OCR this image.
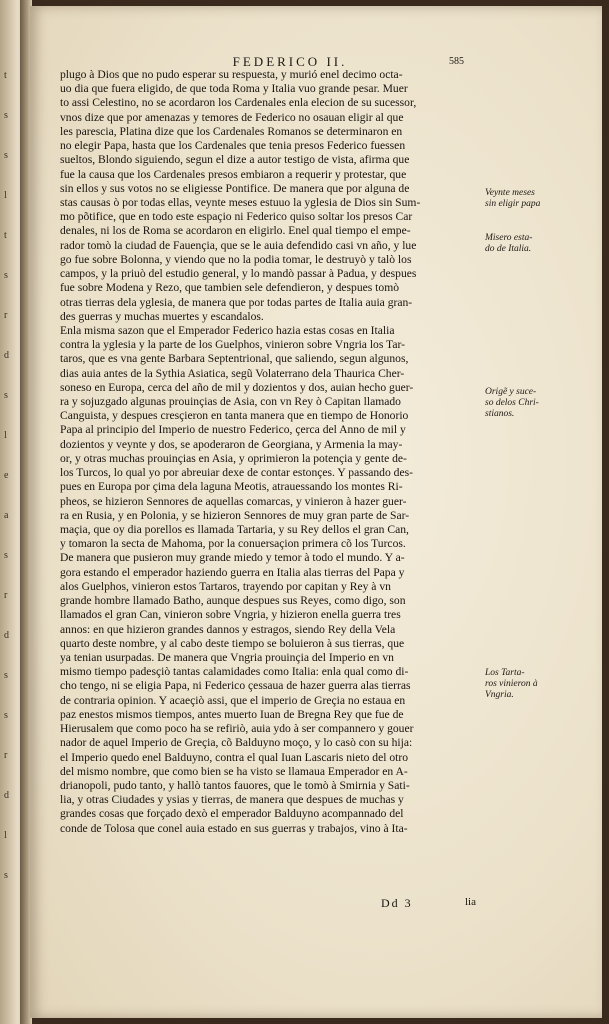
t
s
s
l
t
s
r
d
s
l
e
a
s
r
d
s
s
r
d
l
s
FEDERICO II.	585
plugo à Dios que no pudo esperar su respuesta, y murió enel decimo octa-
uo dia que fuera eligido, de que toda Roma y Italia vuo grande pesar. Muer
to assi Celestino, no se acordaron los Cardenales enla elecion de su sucessor,
vnos dize que por amenazas y temores de Federico no osauan eligir al que
les parescia, Platina dize que los Cardenales Romanos se determinaron en
no elegir Papa, hasta que los Cardenales que tenia presos Federico fuessen
sueltos, Blondo siguiendo, segun el dize a autor testigo de vista, afirma que
fue la causa que los Cardenales presos embiaron a requerir y protestar, que
sin ellos y sus votos no se eligiesse Pontifice. De manera que por alguna de
stas causas ò por todas ellas, veynte meses estuuo la yglesia de Dios sin Sum-
mo põtifice, que en todo este espaçio ni Federico quiso soltar los presos Car
denales, ni los de Roma se acordaron en eligirlo. Enel qual tiempo el empe-
rador tomò la ciudad de Fauençia, que se le auia defendido casi vn año, y lue
go fue sobre Bolonna, y viendo que no la podia tomar, le destruyò y talò los
campos, y la priuò del estudio general, y lo mandò passar à Padua, y despues
fue sobre Modena y Rezo, que tambien sele defendieron, y despues tomò
otras tierras dela yglesia, de manera que por todas partes de Italia auia gran-
des guerras y muchas muertes y escandalos.
Enla misma sazon que el Emperador Federico hazia estas cosas en Italia
contra la yglesia y la parte de los Guelphos, vinieron sobre Vngria los Tar-
taros, que es vna gente Barbara Septentrional, que saliendo, segun algunos,
dias auia antes de la Sythia Asiatica, segũ Volaterrano dela Thaurica Cher-
soneso en Europa, cerca del año de mil y dozientos y dos, auian hecho guer-
ra y sojuzgado algunas prouinçias de Asia, con vn Rey ò Capitan llamado
Canguista, y despues cresçieron en tanta manera que en tiempo de Honorio
Papa al principio del Imperio de nuestro Federico, çerca del Anno de mil y
dozientos y veynte y dos, se apoderaron de Georgiana, y Armenia la may-
or, y otras muchas prouinçias en Asia, y oprimieron la potençia y gente de-
los Turcos, lo qual yo por abreuiar dexe de contar estonçes. Y passando des-
pues en Europa por çima dela laguna Meotis, atrauessando los montes Ri-
pheos, se hizieron Sennores de aquellas comarcas, y vinieron à hazer guer-
ra en Rusia, y en Polonia, y se hizieron Sennores de muy gran parte de Sar-
maçia, que oy dia porellos es llamada Tartaria, y su Rey dellos el gran Can,
y tomaron la secta de Mahoma, por la conuersaçion primera cõ los Turcos.
De manera que pusieron muy grande miedo y temor à todo el mundo. Y a-
gora estando el emperador haziendo guerra en Italia alas tierras del Papa y
alos Guelphos, vinieron estos Tartaros, trayendo por capitan y Rey à vn
grande hombre llamado Batho, aunque despues sus Reyes, como digo, son
llamados el gran Can, vinieron sobre Vngria, y hizieron enella guerra tres
annos: en que hizieron grandes dannos y estragos, siendo Rey della Vela
quarto deste nombre, y al cabo deste tiempo se boluieron à sus tierras, que
ya tenian usurpadas. De manera que Vngria prouinçia del Imperio en vn
mismo tiempo padesçiò tantas calamidades como Italia: enla qual como di-
cho tengo, ni se eligia Papa, ni Federico çessaua de hazer guerra alas tierras
de contraria opinion. Y acaeçiò assi, que el imperio de Greçia no estaua en
paz enestos mismos tiempos, antes muerto Iuan de Bregna Rey que fue de
Hierusalem que como poco ha se refiriò, auia ydo à ser compannero y gouer
nador de aquel Imperio de Greçia, cõ Balduyno moço, y lo casò con su hija:
el Imperio quedo enel Balduyno, contra el qual Iuan Lascaris nieto del otro
del mismo nombre, que como bien se ha visto se llamaua Emperador en A-
drianopoli, pudo tanto, y hallò tantos fauores, que le tomò à Smirnia y Sati-
lia, y otras Ciudades y ysias y tierras, de manera que despues de muchas y
grandes cosas que forçado dexò el emperador Balduyno acompannado del
conde de Tolosa que conel auia estado en sus guerras y trabajos, vino à Ita-
Veynte meses
sin eligir papa
Misero esta-
do de Italia.
Origẽ y suce-
so delos Chri-
stianos.
Los Tarta-
ros vinieron à
Vngria.
Dd 3	lia
